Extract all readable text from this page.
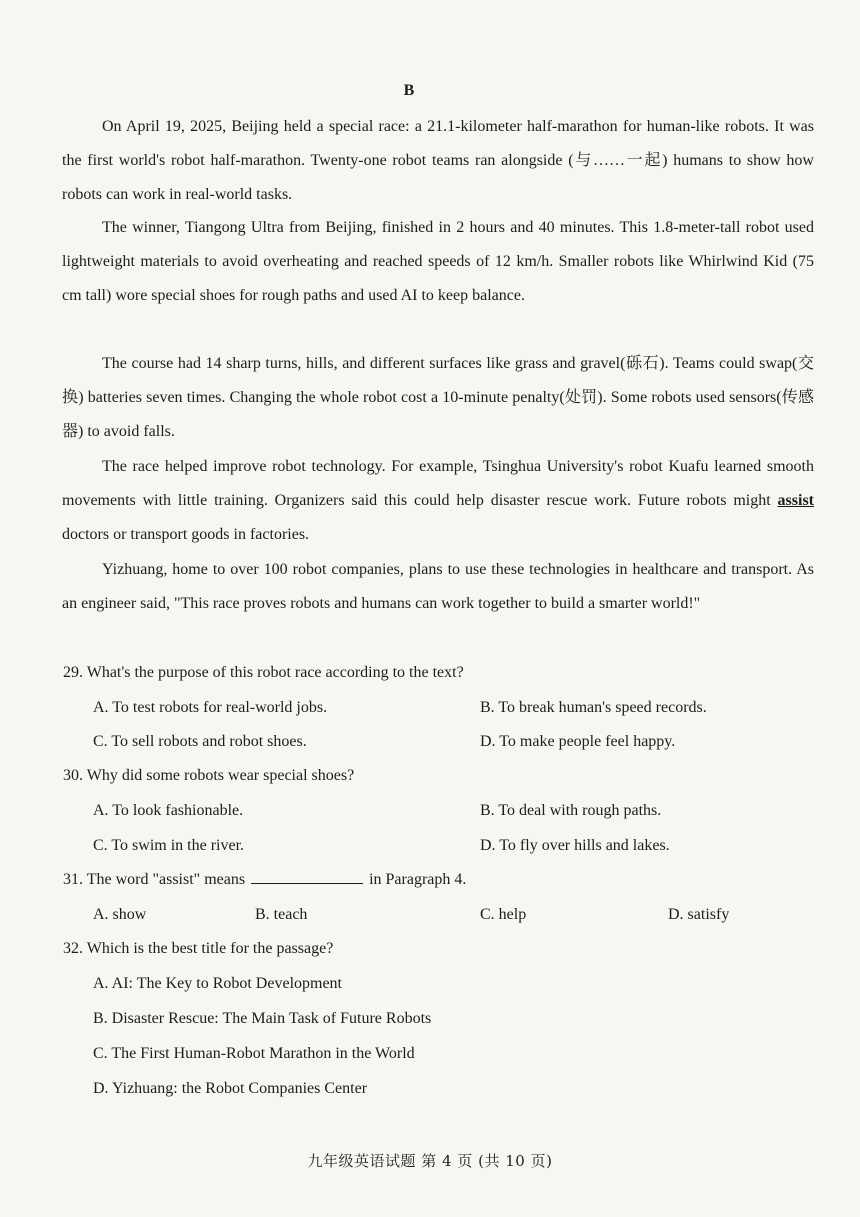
B

On April 19, 2025, Beijing held a special race: a 21.1-kilometer half-marathon for human-like robots. It was the first world's robot half-marathon. Twenty-one robot teams ran alongside (与……一起) humans to show how robots can work in real-world tasks.

The winner, Tiangong Ultra from Beijing, finished in 2 hours and 40 minutes. This 1.8-meter-tall robot used lightweight materials to avoid overheating and reached speeds of 12 km/h. Smaller robots like Whirlwind Kid (75 cm tall) wore special shoes for rough paths and used AI to keep balance.

The course had 14 sharp turns, hills, and different surfaces like grass and gravel(砾石). Teams could swap(交换) batteries seven times. Changing the whole robot cost a 10-minute penalty(处罚). Some robots used sensors(传感器) to avoid falls.

The race helped improve robot technology. For example, Tsinghua University's robot Kuafu learned smooth movements with little training. Organizers said this could help disaster rescue work. Future robots might assist doctors or transport goods in factories.

Yizhuang, home to over 100 robot companies, plans to use these technologies in healthcare and transport. As an engineer said, "This race proves robots and humans can work together to build a smarter world!"

29. What's the purpose of this robot race according to the text?

A. To test robots for real-world jobs.	B. To break human's speed records.
C. To sell robots and robot shoes.	D. To make people feel happy.

30. Why did some robots wear special shoes?

A. To look fashionable.	B. To deal with rough paths.
C. To swim in the river.	D. To fly over hills and lakes.

31. The word "assist" means	in Paragraph 4.

A. show	B. teach	C. help	D. satisfy

32. Which is the best title for the passage?

A. AI: The Key to Robot Development
B. Disaster Rescue: The Main Task of Future Robots
C. The First Human-Robot Marathon in the World
D. Yizhuang: the Robot Companies Center
九年级英语试题 第 4 页 (共 10 页)
